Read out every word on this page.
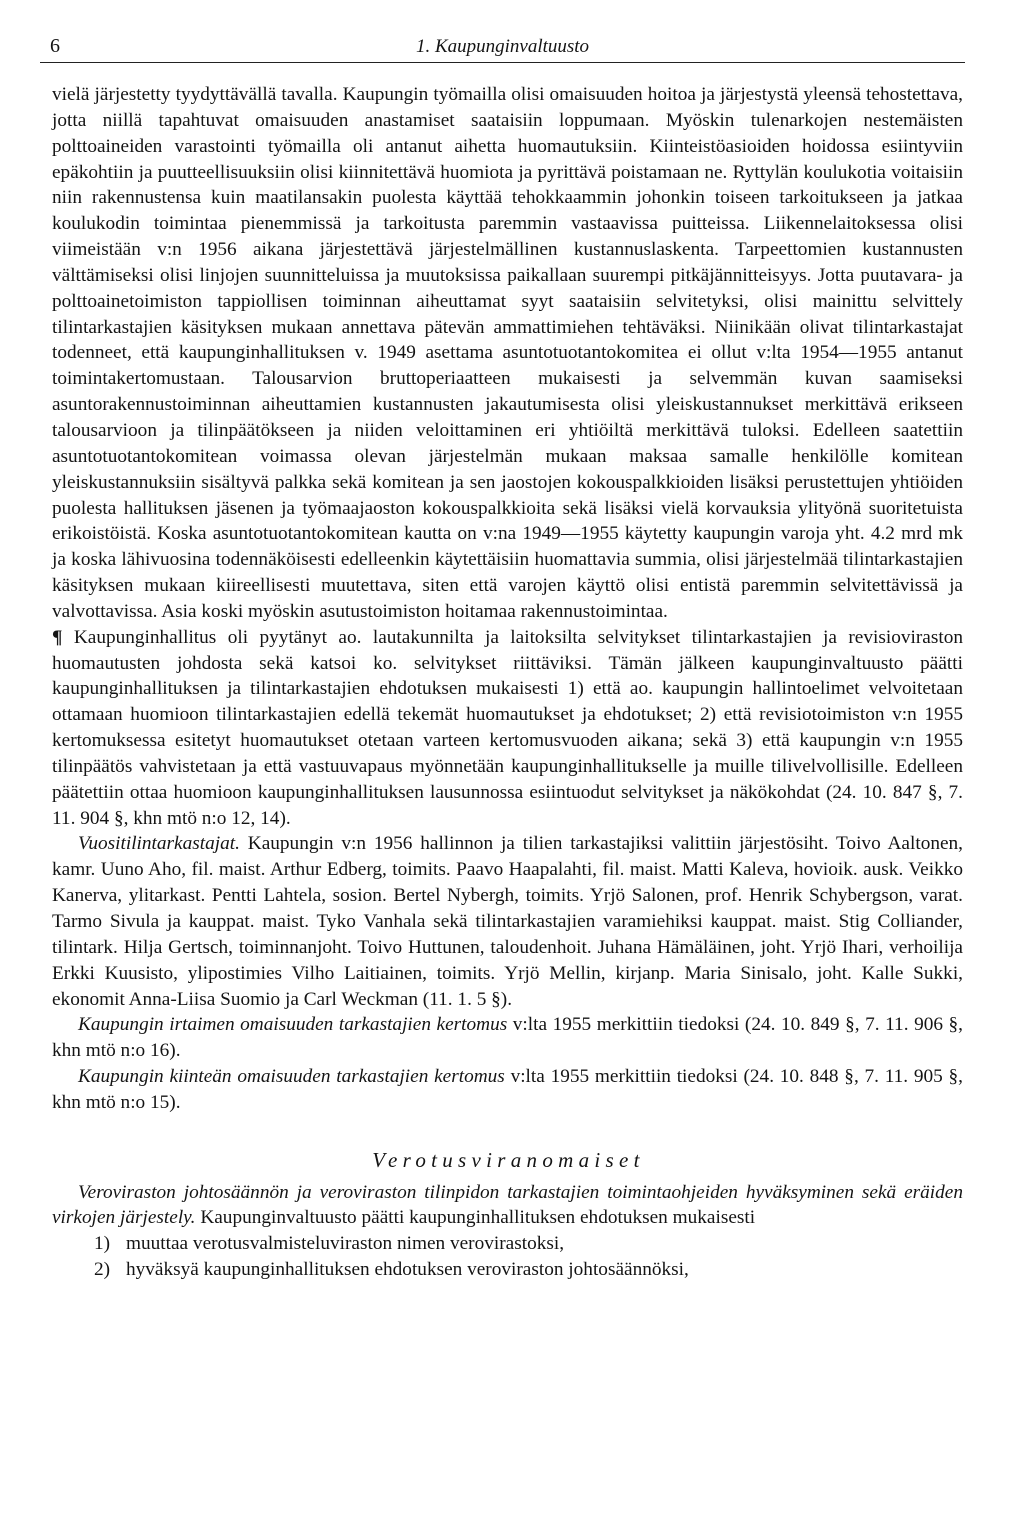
6	1. Kaupunginvaltuusto

vielä järjestetty tyydyttävällä tavalla. Kaupungin työmailla olisi omaisuuden hoitoa ja järjestystä yleensä tehostettava, jotta niillä tapahtuvat omaisuuden anastamiset saataisiin loppumaan. Myöskin tulenarkojen nestemäisten polttoaineiden varastointi työmailla oli antanut aihetta huomautuksiin. Kiinteistöasioiden hoidossa esiintyviin epäkohtiin ja puutteellisuuksiin olisi kiinnitettävä huomiota ja pyrittävä poistamaan ne. Ryttylän koulukotia voitaisiin niin rakennustensa kuin maatilansakin puolesta käyttää tehokkaammin johonkin toiseen tarkoitukseen ja jatkaa koulukodin toimintaa pienemmissä ja tarkoitusta paremmin vastaavissa puitteissa. Liikennelaitoksessa olisi viimeistään v:n 1956 aikana järjestettävä järjestelmällinen kustannuslaskenta. Tarpeettomien kustannusten välttämiseksi olisi linjojen suunnitteluissa ja muutoksissa paikallaan suurempi pitkäjännitteisyys. Jotta puutavara- ja polttoainetoimiston tappiollisen toiminnan aiheuttamat syyt saataisiin selvitetyksi, olisi mainittu selvittely tilintarkastajien käsityksen mukaan annettava pätevän ammattimiehen tehtäväksi. Niinikään olivat tilintarkastajat todenneet, että kaupunginhallituksen v. 1949 asettama asuntotuotantokomitea ei ollut v:lta 1954—1955 antanut toimintakertomustaan. Talousarvion bruttoperiaatteen mukaisesti ja selvemmän kuvan saamiseksi asuntorakennustoiminnan aiheuttamien kustannusten jakautumisesta olisi yleiskustannukset merkittävä erikseen talousarvioon ja tilinpäätökseen ja niiden veloittaminen eri yhtiöiltä merkittävä tuloksi. Edelleen saatettiin asuntotuotantokomitean voimassa olevan järjestelmän mukaan maksaa samalle henkilölle komitean yleiskustannuksiin sisältyvä palkka sekä komitean ja sen jaostojen kokouspalkkioiden lisäksi perustettujen yhtiöiden puolesta hallituksen jäsenen ja työmaajaoston kokouspalkkioita sekä lisäksi vielä korvauksia ylityönä suoritetuista erikoistöistä. Koska asuntotuotantokomitean kautta on v:na 1949—1955 käytetty kaupungin varoja yht. 4.2 mrd mk ja koska lähivuosina todennäköisesti edelleenkin käytettäisiin huomattavia summia, olisi järjestelmää tilintarkastajien käsityksen mukaan kiireellisesti muutettava, siten että varojen käyttö olisi entistä paremmin selvitettävissä ja valvottavissa. Asia koski myöskin asutustoimiston hoitamaa rakennustoimintaa.

¶ Kaupunginhallitus oli pyytänyt ao. lautakunnilta ja laitoksilta selvitykset tilintarkastajien ja revisioviraston huomautusten johdosta sekä katsoi ko. selvitykset riittäviksi. Tämän jälkeen kaupunginvaltuusto päätti kaupunginhallituksen ja tilintarkastajien ehdotuksen mukaisesti 1) että ao. kaupungin hallintoelimet velvoitetaan ottamaan huomioon tilintarkastajien edellä tekemät huomautukset ja ehdotukset; 2) että revisiotoimiston v:n 1955 kertomuksessa esitetyt huomautukset otetaan varteen kertomusvuoden aikana; sekä 3) että kaupungin v:n 1955 tilinpäätös vahvistetaan ja että vastuuvapaus myönnetään kaupunginhallitukselle ja muille tilivelvollisille. Edelleen päätettiin ottaa huomioon kaupunginhallituksen lausunnossa esiintuodut selvitykset ja näkökohdat (24. 10. 847 §, 7. 11. 904 §, khn mtö n:o 12, 14).

Vuositilintarkastajat. Kaupungin v:n 1956 hallinnon ja tilien tarkastajiksi valittiin järjestösiht. Toivo Aaltonen, kamr. Uuno Aho, fil. maist. Arthur Edberg, toimits. Paavo Haapalahti, fil. maist. Matti Kaleva, hovioik. ausk. Veikko Kanerva, ylitarkast. Pentti Lahtela, sosion. Bertel Nybergh, toimits. Yrjö Salonen, prof. Henrik Schybergson, varat. Tarmo Sivula ja kauppat. maist. Tyko Vanhala sekä tilintarkastajien varamiehiksi kauppat. maist. Stig Colliander, tilintark. Hilja Gertsch, toiminnanjoht. Toivo Huttunen, taloudenhoit. Juhana Hämäläinen, joht. Yrjö Ihari, verhoilija Erkki Kuusisto, ylipostimies Vilho Laitiainen, toimits. Yrjö Mellin, kirjanp. Maria Sinisalo, joht. Kalle Sukki, ekonomit Anna-Liisa Suomio ja Carl Weckman (11. 1. 5 §).

Kaupungin irtaimen omaisuuden tarkastajien kertomus v:lta 1955 merkittiin tiedoksi (24. 10. 849 §, 7. 11. 906 §, khn mtö n:o 16).

Kaupungin kiinteän omaisuuden tarkastajien kertomus v:lta 1955 merkittiin tiedoksi (24. 10. 848 §, 7. 11. 905 §, khn mtö n:o 15).

Verotusviranomaiset

Veroviraston johtosäännön ja veroviraston tilinpidon tarkastajien toimintaohjeiden hyväksyminen sekä eräiden virkojen järjestely. Kaupunginvaltuusto päätti kaupunginhallituksen ehdotuksen mukaisesti

1) muuttaa verotusvalmisteluviraston nimen verovirastoksi,
2) hyväksyä kaupunginhallituksen ehdotuksen veroviraston johtosäännöksi,
